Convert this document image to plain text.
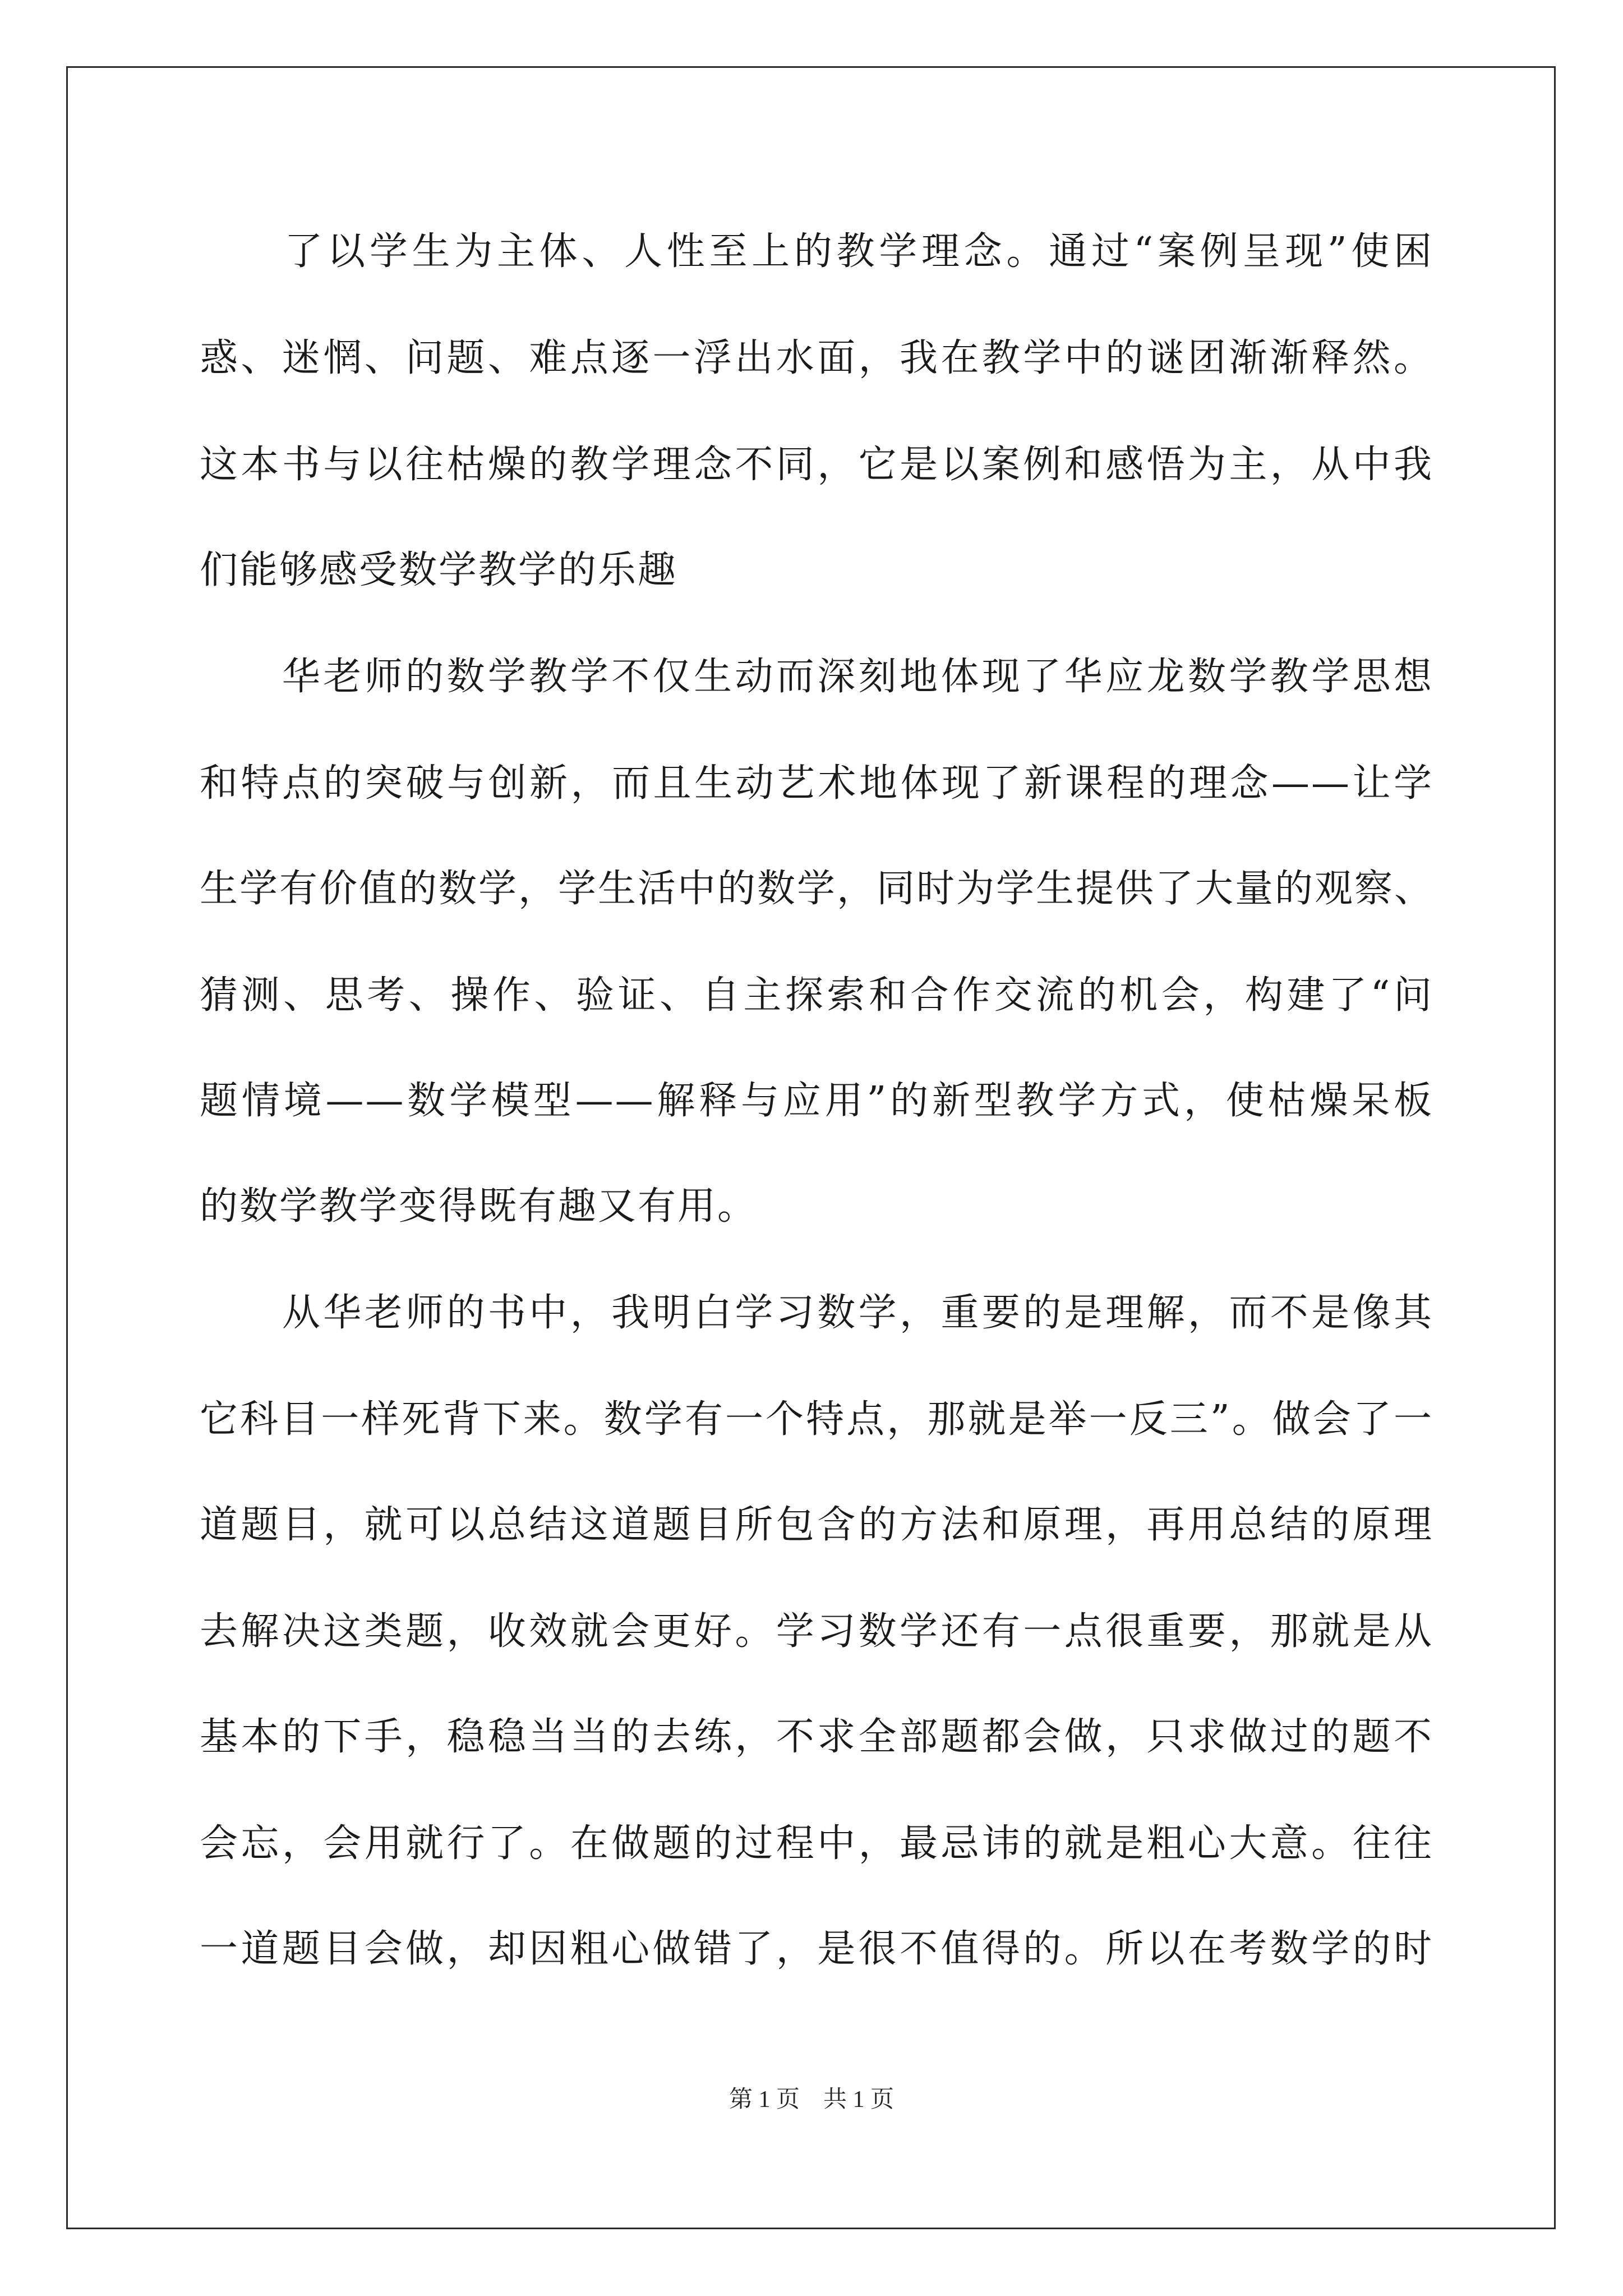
　　了以学生为主体、人性至上的教学理念。通过“案例呈现”使困
惑、迷惘、问题、难点逐一浮出水面，我在教学中的谜团渐渐释然。
这本书与以往枯燥的教学理念不同，它是以案例和感悟为主，从中我
们能够感受数学教学的乐趣
　　华老师的数学教学不仅生动而深刻地体现了华应龙数学教学思想
和特点的突破与创新，而且生动艺术地体现了新课程的理念——让学
生学有价值的数学，学生活中的数学，同时为学生提供了大量的观察、
猜测、思考、操作、验证、自主探索和合作交流的机会，构建了“问
题情境——数学模型——解释与应用”的新型教学方式，使枯燥呆板
的数学教学变得既有趣又有用。
　　从华老师的书中，我明白学习数学，重要的是理解，而不是像其
它科目一样死背下来。数学有一个特点，那就是举一反三”。做会了一
道题目，就可以总结这道题目所包含的方法和原理，再用总结的原理
去解决这类题，收效就会更好。学习数学还有一点很重要，那就是从
基本的下手，稳稳当当的去练，不求全部题都会做，只求做过的题不
会忘，会用就行了。在做题的过程中，最忌讳的就是粗心大意。往往
一道题目会做，却因粗心做错了，是很不值得的。所以在考数学的时
第 1 页　共 1 页
